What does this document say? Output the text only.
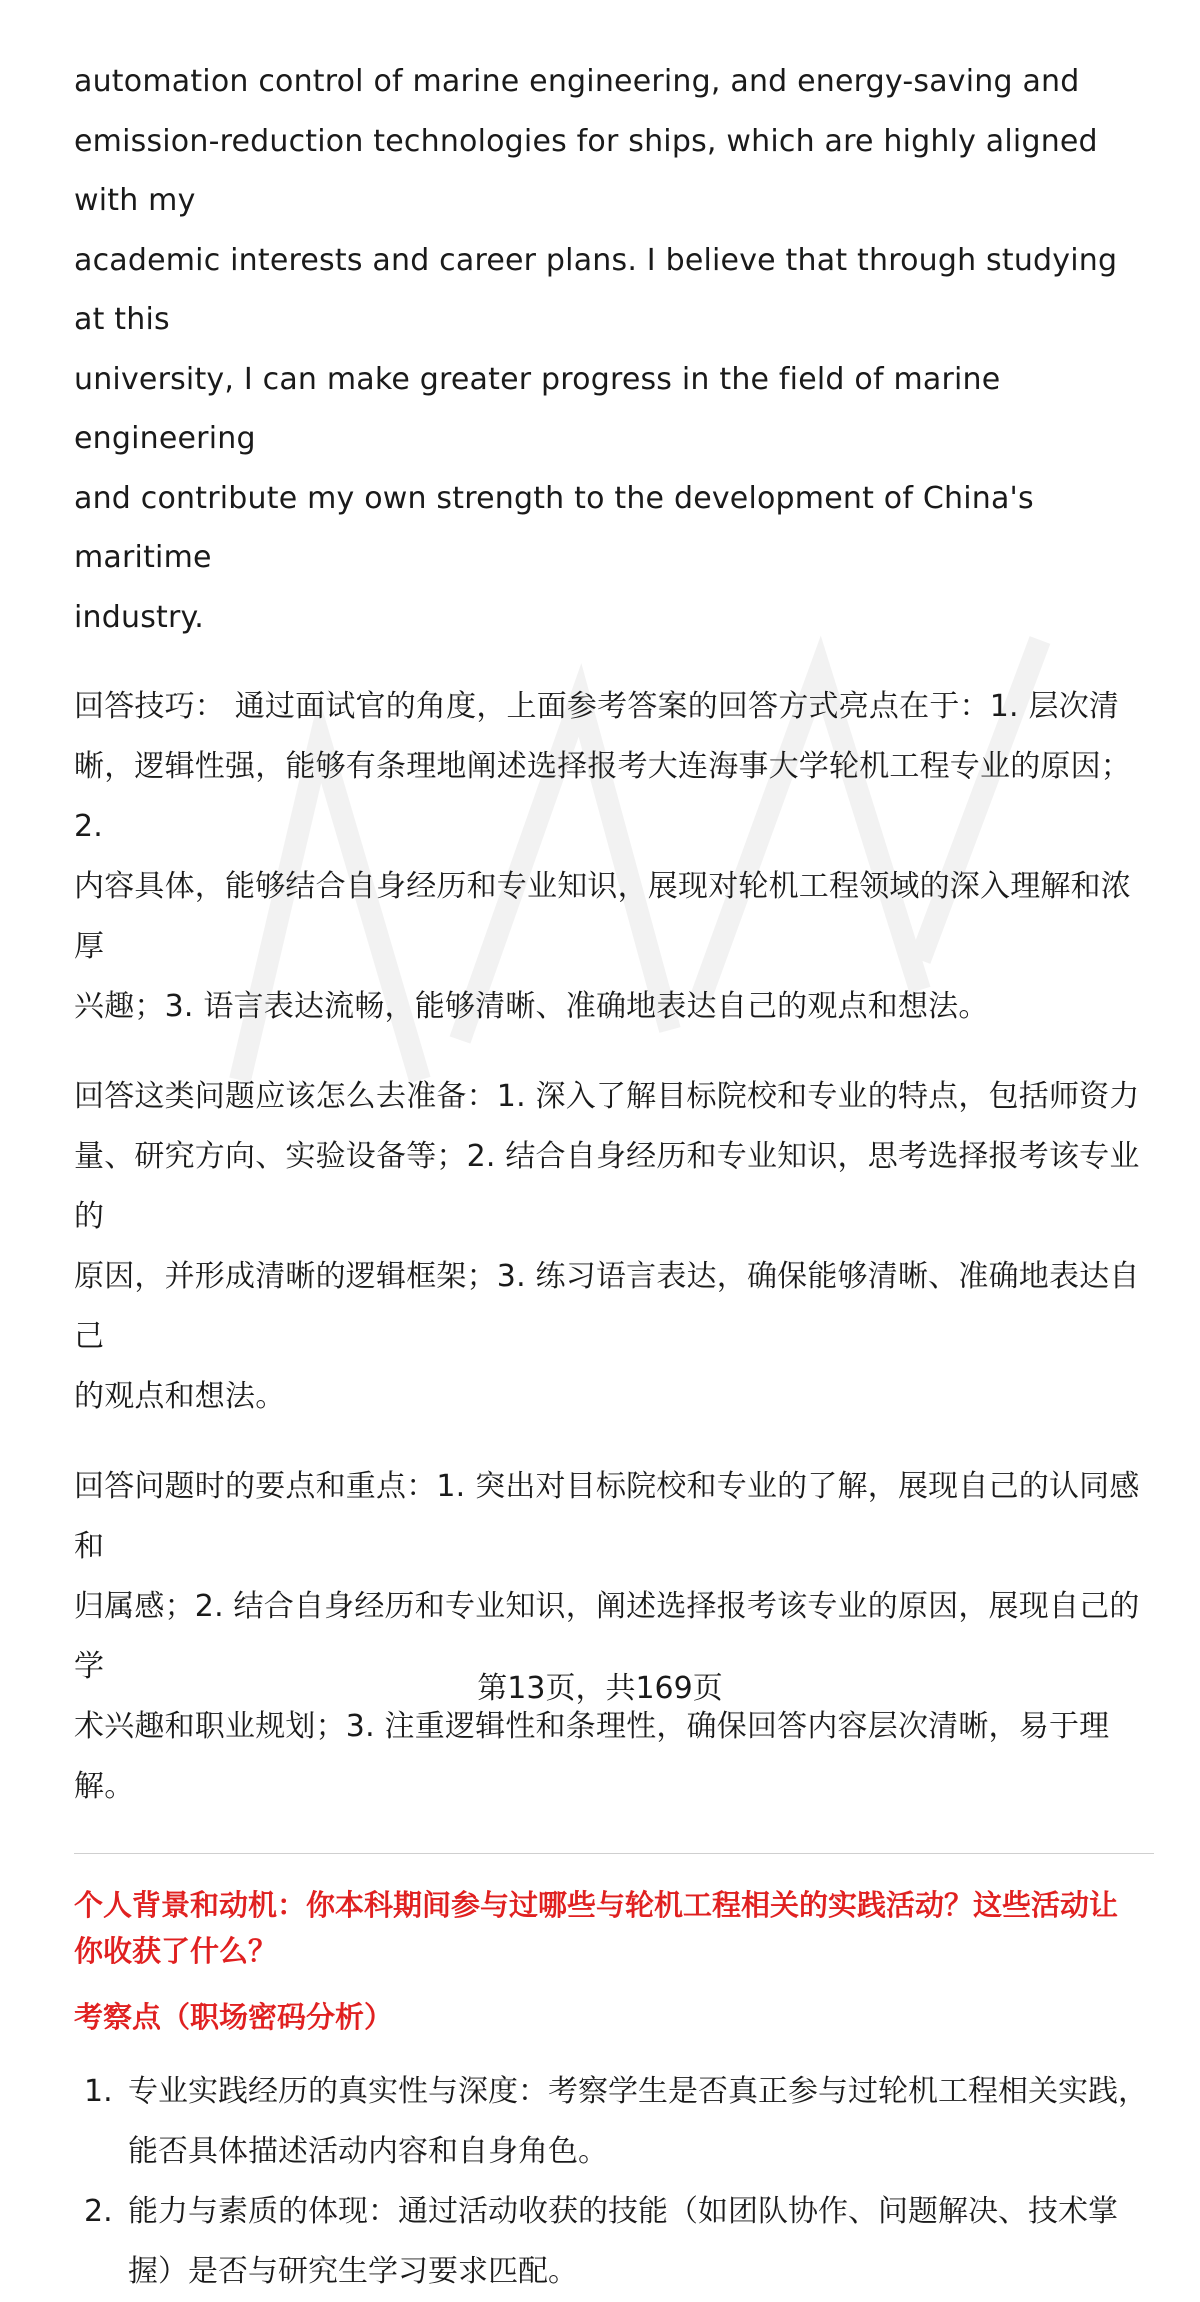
automation control of marine engineering, and energy-saving and
emission-reduction technologies for ships, which are highly aligned with my
academic interests and career plans. I believe that through studying at this
university, I can make greater progress in the field of marine engineering
and contribute my own strength to the development of China's maritime
industry.
回答技巧： 通过面试官的角度，上面参考答案的回答方式亮点在于：1. 层次清
晰，逻辑性强，能够有条理地阐述选择报考大连海事大学轮机工程专业的原因；2.
内容具体，能够结合自身经历和专业知识，展现对轮机工程领域的深入理解和浓厚
兴趣；3. 语言表达流畅，能够清晰、准确地表达自己的观点和想法。
回答这类问题应该怎么去准备：1. 深入了解目标院校和专业的特点，包括师资力
量、研究方向、实验设备等；2. 结合自身经历和专业知识，思考选择报考该专业的
原因，并形成清晰的逻辑框架；3. 练习语言表达，确保能够清晰、准确地表达自己
的观点和想法。
回答问题时的要点和重点：1. 突出对目标院校和专业的了解，展现自己的认同感和
归属感；2. 结合自身经历和专业知识，阐述选择报考该专业的原因，展现自己的学
术兴趣和职业规划；3. 注重逻辑性和条理性，确保回答内容层次清晰，易于理解。
个人背景和动机：你本科期间参与过哪些与轮机工程相关的实践活动？这些活动让
你收获了什么？
考察点（职场密码分析）
1. 专业实践经历的真实性与深度：考察学生是否真正参与过轮机工程相关实践，
能否具体描述活动内容和自身角色。
2. 能力与素质的体现：通过活动收获的技能（如团队协作、问题解决、技术掌
握）是否与研究生学习要求匹配。
第13页，共169页
